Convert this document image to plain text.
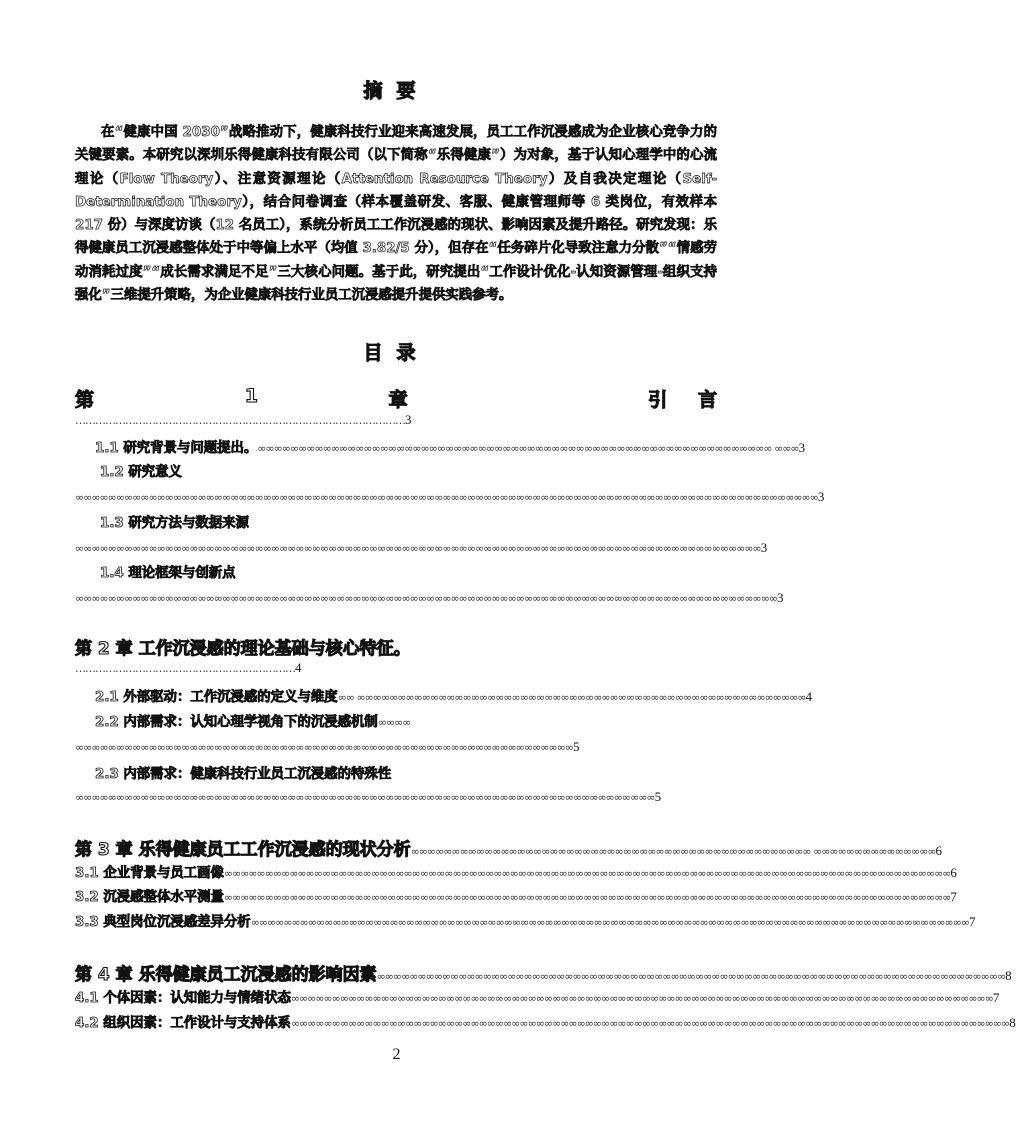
摘要

在“健康中国 2030”战略推动下，健康科技行业迎来高速发展，员工工作沉浸感成为企业核心竞争力的关键要素。本研究以深圳乐得健康科技有限公司（以下简称“乐得健康”）为对象，基于认知心理学中的心流理论（Flow Theory）、注意资源理论（Attention Resource Theory）及自我决定理论（Self-Determination Theory），结合问卷调查（样本覆盖研发、客服、健康管理师等 6 类岗位，有效样本 217 份）与深度访谈（12 名员工），系统分析员工工作沉浸感的现状、影响因素及提升路径。研究发现：乐得健康员工沉浸感整体处于中等偏上水平（均值 3.82/5 分），但存在“任务碎片化导致注意力分散”“情感劳动消耗过度”“成长需求满足不足”三大核心问题。基于此，研究提出“工作设计优化-认知资源管理-组织支持强化”三维提升策略，为企业健康科技行业员工沉浸感提升提供实践参考。

目录
第	1	章	引 言
………………………………………………………………………………………3
1.1 研究背景与问题提出。∞∞∞∞∞∞∞∞∞∞∞∞∞∞∞∞∞∞∞∞∞∞∞∞∞∞∞∞∞∞∞∞∞∞∞∞∞∞∞∞∞∞∞∞∞∞∞∞∞∞∞∞∞∞∞∞∞∞∞∞∞∞∞ ∞∞∞3
1.2 研究意义
∞∞∞∞∞∞∞∞∞∞∞∞∞∞∞∞∞∞∞∞∞∞∞∞∞∞∞∞∞∞∞∞∞∞∞∞∞∞∞∞∞∞∞∞∞∞∞∞∞∞∞∞∞∞∞∞∞∞∞∞∞∞∞∞∞∞∞∞∞∞∞∞∞∞∞∞∞∞∞∞∞∞∞∞∞∞∞∞∞∞∞3
1.3 研究方法与数据来源
∞∞∞∞∞∞∞∞∞∞∞∞∞∞∞∞∞∞∞∞∞∞∞∞∞∞∞∞∞∞∞∞∞∞∞∞∞∞∞∞∞∞∞∞∞∞∞∞∞∞∞∞∞∞∞∞∞∞∞∞∞∞∞∞∞∞∞∞∞∞∞∞∞∞∞∞∞∞∞∞∞∞∞∞3
1.4 理论框架与创新点
∞∞∞∞∞∞∞∞∞∞∞∞∞∞∞∞∞∞∞∞∞∞∞∞∞∞∞∞∞∞∞∞∞∞∞∞∞∞∞∞∞∞∞∞∞∞∞∞∞∞∞∞∞∞∞∞∞∞∞∞∞∞∞∞∞∞∞∞∞∞∞∞∞∞∞∞∞∞∞∞∞∞∞∞∞∞3
第 2 章 工作沉浸感的理论基础与核心特征。
…………………………………………………………4
2.1 外部驱动：工作沉浸感的定义与维度∞∞ ∞∞∞∞∞∞∞∞∞∞∞∞∞∞∞∞∞∞∞∞∞∞∞∞∞∞∞∞∞∞∞∞∞∞∞∞∞∞∞∞∞∞∞∞∞∞∞∞∞∞∞∞∞∞∞4
2.2 内部需求：认知心理学视角下的沉浸感机制∞∞∞∞
∞∞∞∞∞∞∞∞∞∞∞∞∞∞∞∞∞∞∞∞∞∞∞∞∞∞∞∞∞∞∞∞∞∞∞∞∞∞∞∞∞∞∞∞∞∞∞∞∞∞∞∞∞∞∞∞∞∞∞∞∞5
2.3 内部需求：健康科技行业员工沉浸感的特殊性
∞∞∞∞∞∞∞∞∞∞∞∞∞∞∞∞∞∞∞∞∞∞∞∞∞∞∞∞∞∞∞∞∞∞∞∞∞∞∞∞∞∞∞∞∞∞∞∞∞∞∞∞∞∞∞∞∞∞∞∞∞∞∞∞∞∞∞∞∞∞∞5
第 3 章 乐得健康员工工作沉浸感的现状分析∞∞∞∞∞∞∞∞∞∞∞∞∞∞∞∞∞∞∞∞∞∞∞∞∞∞∞∞∞∞∞∞∞∞∞∞∞∞∞∞∞∞∞∞∞∞∞∞∞ ∞∞∞∞∞∞∞∞∞∞∞∞∞∞∞6
3.1 企业背景与员工画像∞∞∞∞∞∞∞∞∞∞∞∞∞∞∞∞∞∞∞∞∞∞∞∞∞∞∞∞∞∞∞∞∞∞∞∞∞∞∞∞∞∞∞∞∞∞∞∞∞∞∞∞∞∞∞∞∞∞∞∞∞∞∞∞∞∞∞∞∞∞∞∞∞∞∞∞∞∞∞∞∞∞∞∞∞∞∞∞∞6
3.2 沉浸感整体水平测量∞∞∞∞∞∞∞∞∞∞∞∞∞∞∞∞∞∞∞∞∞∞∞∞∞∞∞∞∞∞∞∞∞∞∞∞∞∞∞∞∞∞∞∞∞∞∞∞∞∞∞∞∞∞∞∞∞∞∞∞∞∞∞∞∞∞∞∞∞∞∞∞∞∞∞∞∞∞∞∞∞∞∞∞∞∞∞∞∞7
3.3 典型岗位沉浸感差异分析∞∞∞∞∞∞∞∞∞∞∞∞∞∞∞∞∞∞∞∞∞∞∞∞∞∞∞∞∞∞∞∞∞∞∞∞∞∞∞∞∞∞∞∞∞∞∞∞∞∞∞∞∞∞∞∞∞∞∞∞∞∞∞∞∞∞∞∞∞∞∞∞∞∞∞∞∞∞∞∞∞∞∞∞∞∞∞∞7
第 4 章 乐得健康员工沉浸感的影响因素∞∞∞∞∞∞∞∞∞∞∞∞∞∞∞∞∞∞∞∞∞∞∞∞∞∞∞∞∞∞∞∞∞∞∞∞∞∞∞∞∞∞∞∞∞∞∞∞∞∞∞∞∞∞∞∞∞∞∞∞∞∞∞∞∞∞∞∞∞∞∞∞∞∞∞∞∞8
4.1 个体因素：认知能力与情绪状态∞∞∞∞∞∞∞∞∞∞∞∞∞∞∞∞∞∞∞∞∞∞∞∞∞∞∞∞∞∞∞∞∞∞∞∞∞∞∞∞∞∞∞∞∞∞∞∞∞∞∞∞∞∞∞∞∞∞∞∞∞∞∞∞∞∞∞∞∞∞∞∞∞∞∞∞∞∞∞∞∞∞∞∞∞∞7
4.2 组织因素：工作设计与支持体系∞∞∞∞∞∞∞∞∞∞∞∞∞∞∞∞∞∞∞∞∞∞∞∞∞∞∞∞∞∞∞∞∞∞∞∞∞∞∞∞∞∞∞∞∞∞∞∞∞∞∞∞∞∞∞∞∞∞∞∞∞∞∞∞∞∞∞∞∞∞∞∞∞∞∞∞∞∞∞∞∞∞∞∞∞∞∞∞8
2
